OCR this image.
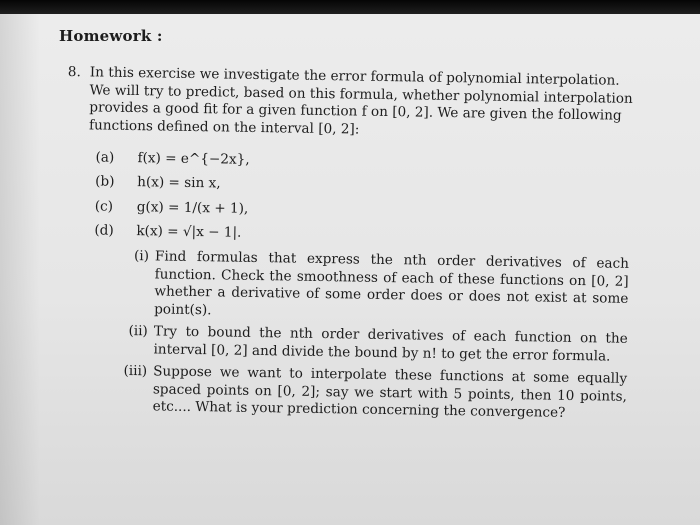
Homework :
8. In this exercise we investigate the error formula of polynomial interpolation. We will try to predict, based on this formula, whether polynomial interpolation provides a good fit for a given function f on [0, 2]. We are given the following functions defined on the interval [0, 2]:
(a)	f(x) = e^{−2x},
(b)	h(x) = sin x,
(c)	g(x) = 1/(x + 1),
(d)	k(x) = √|x − 1|.
(i) Find formulas that express the nth order derivatives of each function. Check the smoothness of each of these functions on [0, 2] whether a derivative of some order does or does not exist at some point(s).
(ii) Try to bound the nth order derivatives of each function on the interval [0, 2] and divide the bound by n! to get the error formula.
(iii) Suppose we want to interpolate these functions at some equally spaced points on [0, 2]; say we start with 5 points, then 10 points, etc.... What is your prediction concerning the convergence?
